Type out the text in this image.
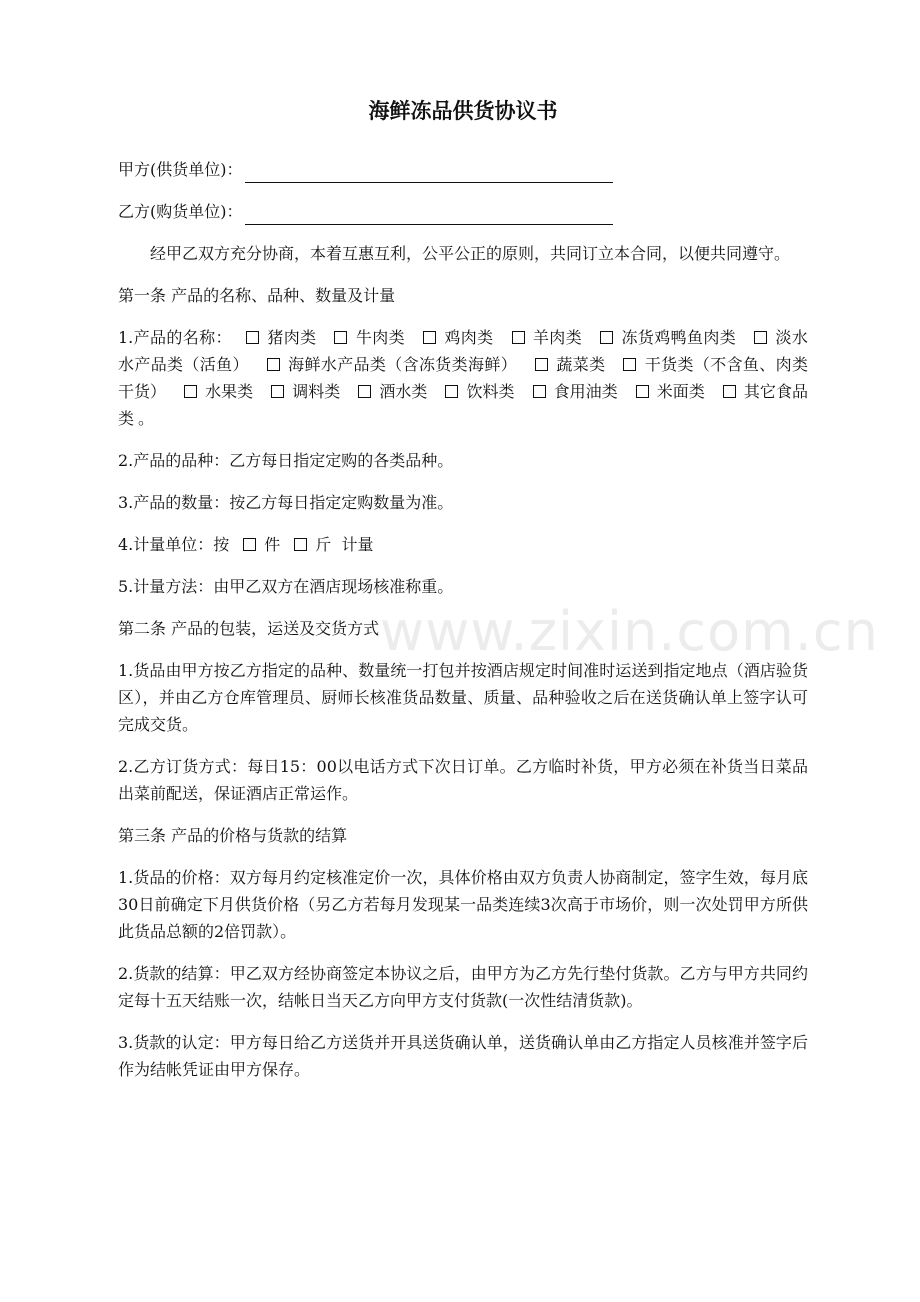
海鲜冻品供货协议书
甲方(供货单位)：
乙方(购货单位)：

经甲乙双方充分协商，本着互惠互利，公平公正的原则，共同订立本合同，以便共同遵守。

第一条 产品的名称、品种、数量及计量

1.产品的名称： 猪肉类 牛肉类 鸡肉类 羊肉类 冻货鸡鸭鱼肉类 淡水水产品类（活鱼） 海鲜水产品类（含冻货类海鲜） 蔬菜类 干货类（不含鱼、肉类干货） 水果类 调料类 酒水类 饮料类 食用油类 米面类 其它食品类 。

2.产品的品种：乙方每日指定定购的各类品种。

3.产品的数量：按乙方每日指定定购数量为准。

4.计量单位：按 件 斤 计量

5.计量方法：由甲乙双方在酒店现场核准称重。

第二条 产品的包装，运送及交货方式

1.货品由甲方按乙方指定的品种、数量统一打包并按酒店规定时间准时运送到指定地点（酒店验货区），并由乙方仓库管理员、厨师长核准货品数量、质量、品种验收之后在送货确认单上签字认可完成交货。

2.乙方订货方式：每日15：00以电话方式下次日订单。乙方临时补货，甲方必须在补货当日菜品出菜前配送，保证酒店正常运作。

第三条 产品的价格与货款的结算

1.货品的价格：双方每月约定核准定价一次，具体价格由双方负责人协商制定，签字生效，每月底30日前确定下月供货价格（另乙方若每月发现某一品类连续3次高于市场价，则一次处罚甲方所供此货品总额的2倍罚款）。

2.货款的结算：甲乙双方经协商签定本协议之后，由甲方为乙方先行垫付货款。乙方与甲方共同约定每十五天结账一次，结帐日当天乙方向甲方支付货款(一次性结清货款)。

3.货款的认定：甲方每日给乙方送货并开具送货确认单，送货确认单由乙方指定人员核准并签字后作为结帐凭证由甲方保存。

www.zixin.com.cn
